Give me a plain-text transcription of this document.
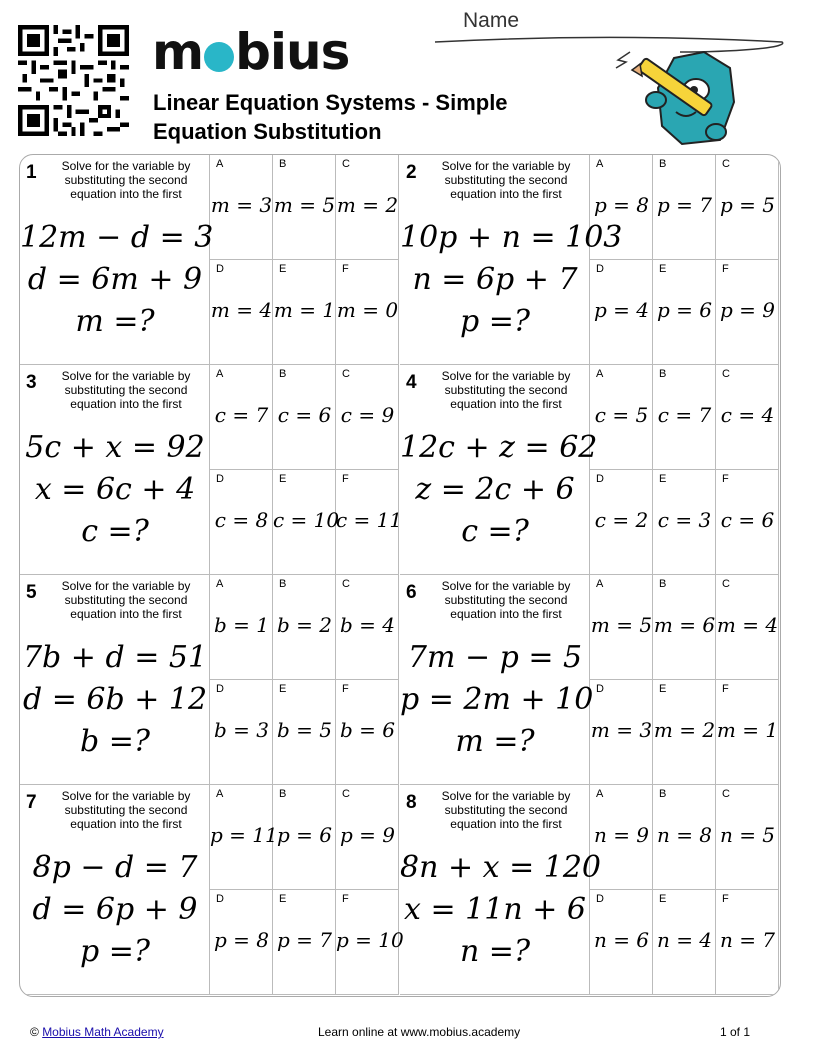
m bius
Name
Linear Equation Systems - Simple Equation Substitution
1	Solve for the variable by substituting the second equation into the first
12m − d = 3
d = 6m + 9
m =?
A
m = 3
B
m = 5
C
m = 2
D
m = 4
E
m = 1
F
m = 0
2	Solve for the variable by substituting the second equation into the first
10p + n = 103
n = 6p + 7
p =?
A
p = 8
B
p = 7
C
p = 5
D
p = 4
E
p = 6
F
p = 9
3	Solve for the variable by substituting the second equation into the first
5c + x = 92
x = 6c + 4
c =?
A
c = 7
B
c = 6
C
c = 9
D
c = 8
E
c = 10
F
c = 11
4	Solve for the variable by substituting the second equation into the first
12c + z = 62
z = 2c + 6
c =?
A
c = 5
B
c = 7
C
c = 4
D
c = 2
E
c = 3
F
c = 6
5	Solve for the variable by substituting the second equation into the first
7b + d = 51
d = 6b + 12
b =?
A
b = 1
B
b = 2
C
b = 4
D
b = 3
E
b = 5
F
b = 6
6	Solve for the variable by substituting the second equation into the first
7m − p = 5
p = 2m + 10
m =?
A
m = 5
B
m = 6
C
m = 4
D
m = 3
E
m = 2
F
m = 1
7	Solve for the variable by substituting the second equation into the first
8p − d = 7
d = 6p + 9
p =?
A
p = 11
B
p = 6
C
p = 9
D
p = 8
E
p = 7
F
p = 10
8	Solve for the variable by substituting the second equation into the first
8n + x = 120
x = 11n + 6
n =?
A
n = 9
B
n = 8
C
n = 5
D
n = 6
E
n = 4
F
n = 7
© Mobius Math Academy	Learn online at www.mobius.academy	1 of 1
